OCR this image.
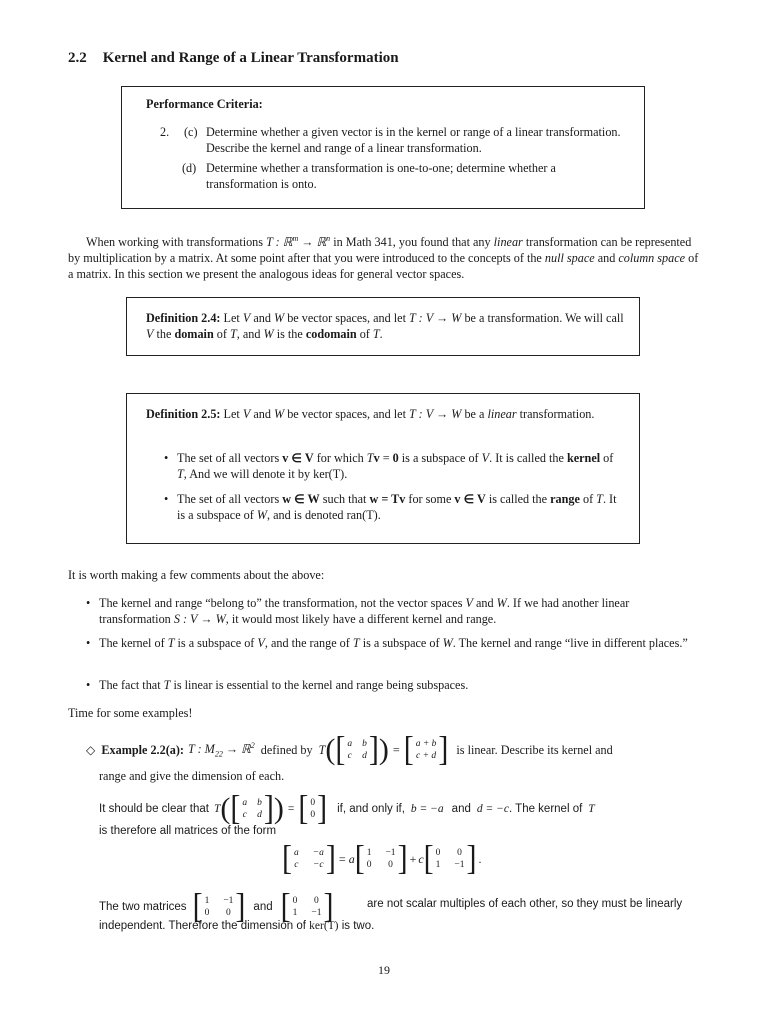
2.2 Kernel and Range of a Linear Transformation
Performance Criteria:
2. (c) Determine whether a given vector is in the kernel or range of a linear transformation. Describe the kernel and range of a linear transformation.
(d) Determine whether a transformation is one-to-one; determine whether a transformation is onto.
When working with transformations T : ℝ$^m$ → ℝ$^n$ in Math 341, you found that any linear transformation can be represented by multiplication by a matrix. At some point after that you were introduced to the concepts of the null space and column space of a matrix. In this section we present the analogous ideas for general vector spaces.
Definition 2.4: Let V and W be vector spaces, and let T : V → W be a transformation. We will call V the domain of T, and W is the codomain of T.
Definition 2.5: Let V and W be vector spaces, and let T : V → W be a linear transformation.
• The set of all vectors v ∈ V for which Tv = 0 is a subspace of V. It is called the kernel of T, And we will denote it by ker(T).
• The set of all vectors w ∈ W such that w = Tv for some v ∈ V is called the range of T. It is a subspace of W, and is denoted ran(T).
It is worth making a few comments about the above:
• The kernel and range “belong to” the transformation, not the vector spaces V and W. If we had another linear transformation S : V → W, it would most likely have a different kernel and range.
• The kernel of T is a subspace of V, and the range of T is a subspace of W. The kernel and range “live in different places.”
• The fact that T is linear is essential to the kernel and range being subspaces.
Time for some examples!
◇ Example 2.2(a): T : $M_{22}$ → ℝ$^2$ defined by T ( [ a b
c d ] ) = [ a + b
c + d ] is linear. Describe its kernel and
range and give the dimension of each.
It should be clear that T ( [ a b
c d ] ) = [ 0
0 ] if, and only if, b = −a and d = −c . The kernel of T
is therefore all matrices of the form
[ a −a
c −c ] = a [ 1 −1
0 0 ] + c [ 0 0
1 −1 ] .
The two matrices [ 1 −1
0 0 ] and [ 0 0
1 −1 ]	are not scalar multiples of each other, so they must be linearly independent. Therefore the dimension of ker(T) is two.
19
